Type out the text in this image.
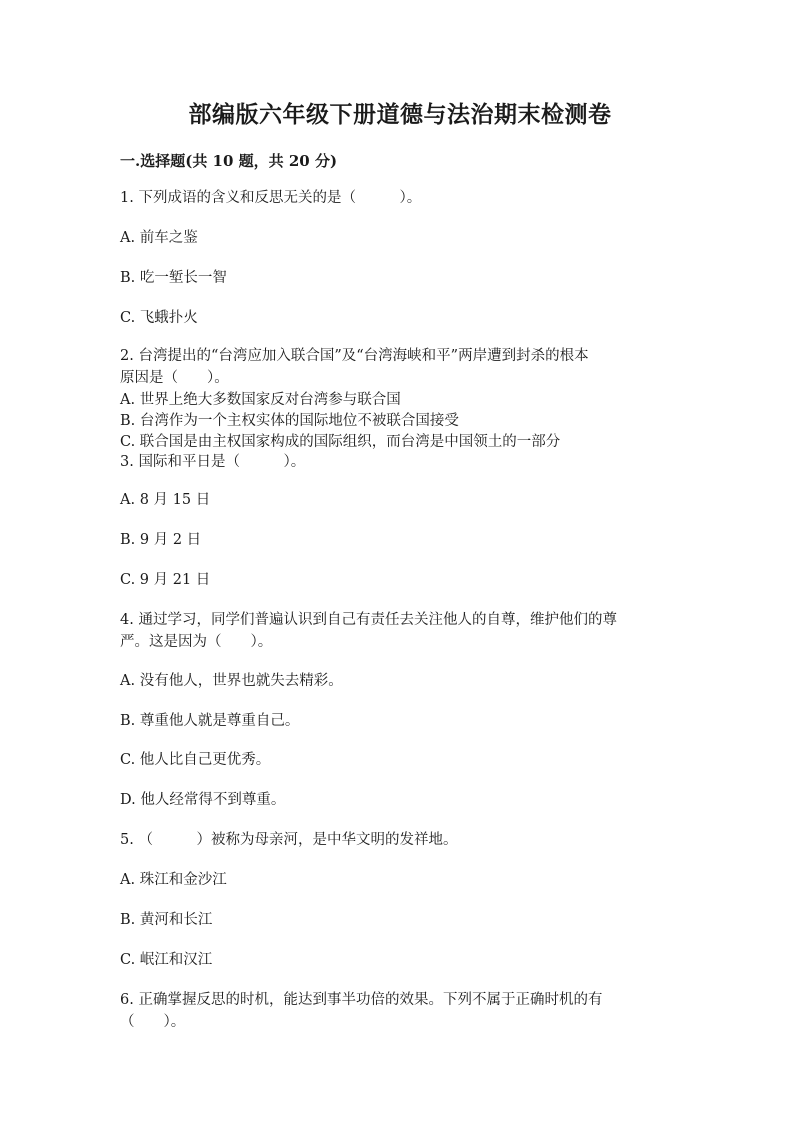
部编版六年级下册道德与法治期末检测卷
一.选择题(共 10 题，共 20 分)
1. 下列成语的含义和反思无关的是（　　　）。
A. 前车之鉴
B. 吃一堑长一智
C. 飞蛾扑火
2. 台湾提出的“台湾应加入联合国”及“台湾海峡和平”两岸遭到封杀的根本
原因是（　　）。
A. 世界上绝大多数国家反对台湾参与联合国
B. 台湾作为一个主权实体的国际地位不被联合国接受
C. 联合国是由主权国家构成的国际组织，而台湾是中国领土的一部分
3. 国际和平日是（　　　）。
A. 8 月 15 日
B. 9 月 2 日
C. 9 月 21 日
4. 通过学习，同学们普遍认识到自己有责任去关注他人的自尊，维护他们的尊
严。这是因为（　　）。
A. 没有他人，世界也就失去精彩。
B. 尊重他人就是尊重自己。
C. 他人比自己更优秀。
D. 他人经常得不到尊重。
5. （　　　）被称为母亲河，是中华文明的发祥地。
A. 珠江和金沙江
B. 黄河和长江
C. 岷江和汉江
6. 正确掌握反思的时机，能达到事半功倍的效果。下列不属于正确时机的有
（　　）。
